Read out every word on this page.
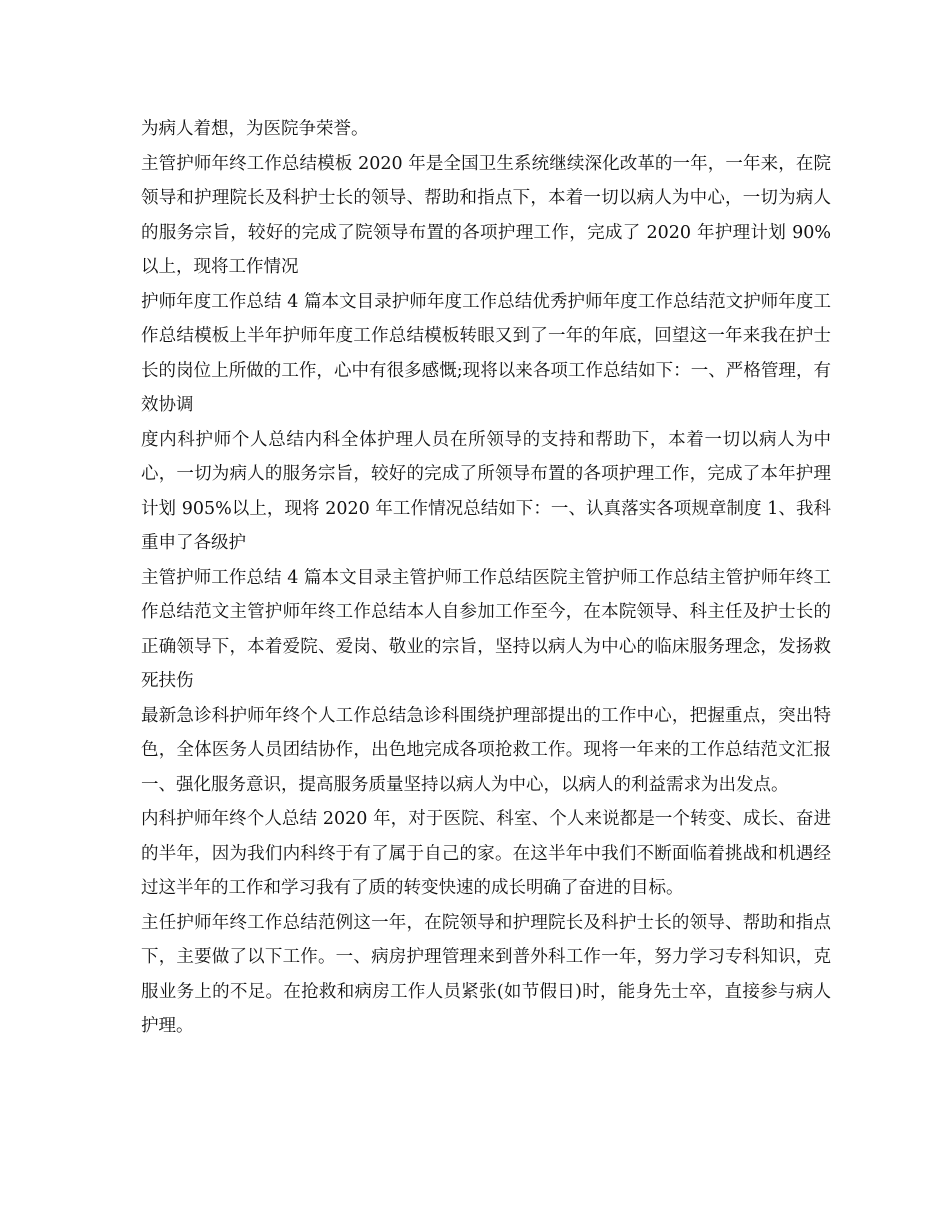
为病人着想，为医院争荣誉。

主管护师年终工作总结模板 2020 年是全国卫生系统继续深化改革的一年，一年来，在院领导和护理院长及科护士长的领导、帮助和指点下，本着一切以病人为中心，一切为病人的服务宗旨，较好的完成了院领导布置的各项护理工作，完成了 2020 年护理计划 90%以上，现将工作情况

护师年度工作总结 4 篇本文目录护师年度工作总结优秀护师年度工作总结范文护师年度工作总结模板上半年护师年度工作总结模板转眼又到了一年的年底，回望这一年来我在护士长的岗位上所做的工作，心中有很多感慨;现将以来各项工作总结如下：一、严格管理，有效协调

度内科护师个人总结内科全体护理人员在所领导的支持和帮助下，本着一切以病人为中心，一切为病人的服务宗旨，较好的完成了所领导布置的各项护理工作，完成了本年护理计划 905%以上，现将 2020 年工作情况总结如下：一、认真落实各项规章制度 1、我科重申了各级护

主管护师工作总结 4 篇本文目录主管护师工作总结医院主管护师工作总结主管护师年终工作总结范文主管护师年终工作总结本人自参加工作至今，在本院领导、科主任及护士长的正确领导下，本着爱院、爱岗、敬业的宗旨，坚持以病人为中心的临床服务理念，发扬救死扶伤

最新急诊科护师年终个人工作总结急诊科围绕护理部提出的工作中心，把握重点，突出特色，全体医务人员团结协作，出色地完成各项抢救工作。现将一年来的工作总结范文汇报一、强化服务意识，提高服务质量坚持以病人为中心，以病人的利益需求为出发点。

内科护师年终个人总结 2020 年，对于医院、科室、个人来说都是一个转变、成长、奋进的半年，因为我们内科终于有了属于自己的家。在这半年中我们不断面临着挑战和机遇经过这半年的工作和学习我有了质的转变快速的成长明确了奋进的目标。

主任护师年终工作总结范例这一年，在院领导和护理院长及科护士长的领导、帮助和指点下，主要做了以下工作。一、病房护理管理来到普外科工作一年，努力学习专科知识，克服业务上的不足。在抢救和病房工作人员紧张(如节假日)时，能身先士卒，直接参与病人护理。
